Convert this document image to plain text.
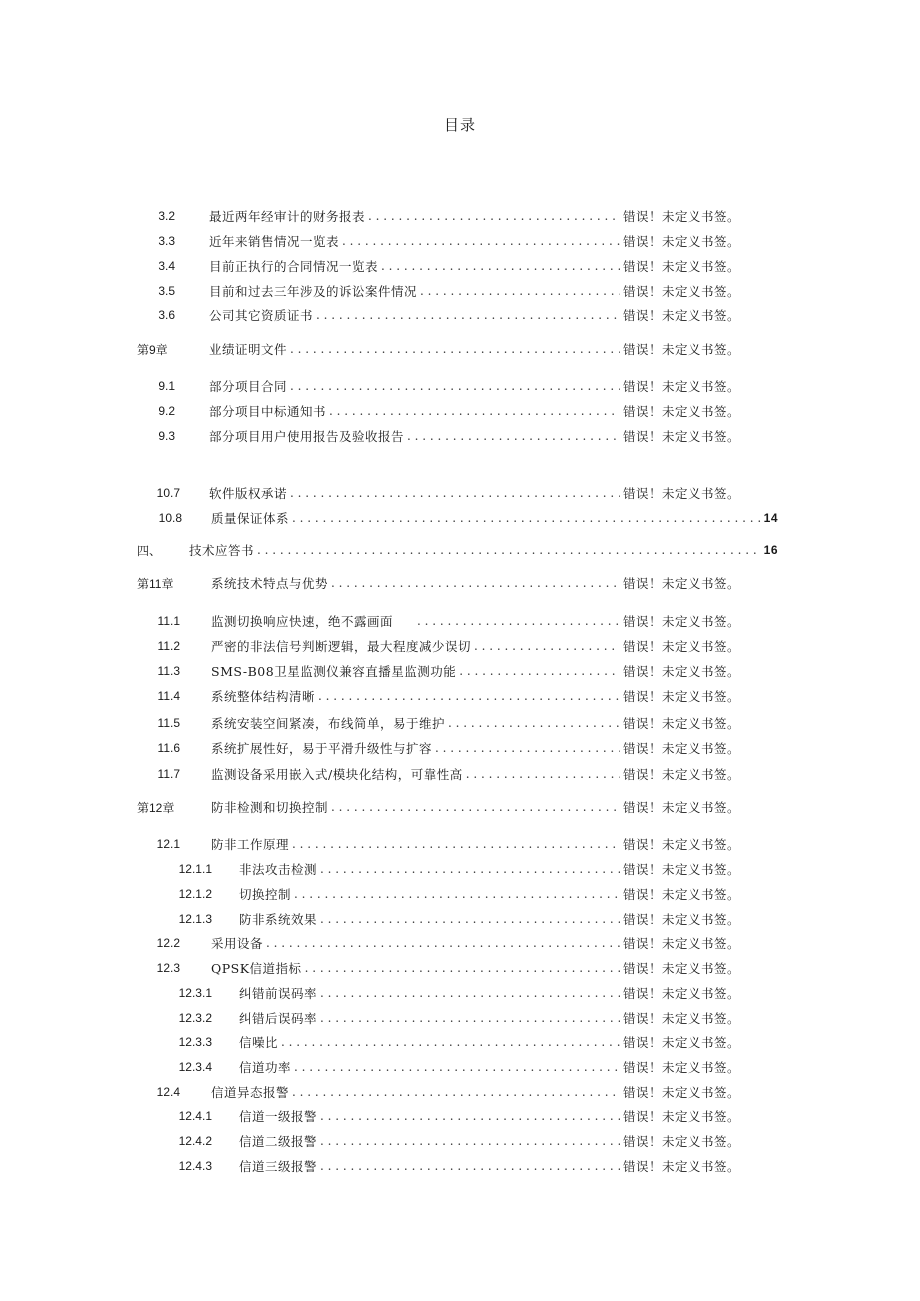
目录
3.2	最近两年经审计的财务报表 . . .	错误！未定义书签。
3.3	近年来销售情况一览表 . . .	错误！未定义书签。
3.4	目前正执行的合同情况一览表 . . .	错误！未定义书签。
3.5	目前和过去三年涉及的诉讼案件情况 . . .	错误！未定义书签。
3.6	公司其它资质证书 . . .	错误！未定义书签。
第9章	业绩证明文件 . . .	错误！未定义书签。
9.1	部分项目合同 . . .	错误！未定义书签。
9.2	部分项目中标通知书 . . .	错误！未定义书签。
9.3	部分项目用户使用报告及验收报告 . . .	错误！未定义书签。
10.7 软件版权承诺 . . .	错误！未定义书签。
10.8 质量保证体系 . . .	14
四、	技术应答书 . . .	16
第11章	系统技术特点与优势 . . .	错误！未定义书签。
11.1 监测切换响应快速，绝不露画面 . . .	错误！未定义书签。
11.2 严密的非法信号判断逻辑，最大程度减少误切 . . .	错误！未定义书签。
11.3 SMS-B08卫星监测仪兼容直播星监测功能 . . .	错误！未定义书签。
11.4 系统整体结构清晰 . . .	错误！未定义书签。
11.5 系统安装空间紧凑，布线简单，易于维护 . . .	错误！未定义书签。
11.6 系统扩展性好，易于平滑升级性与扩容 . . .	错误！未定义书签。
11.7 监测设备采用嵌入式/模块化结构，可靠性高 . . .	错误！未定义书签。
第12章	防非检测和切换控制 . . .	错误！未定义书签。
12.1 防非工作原理 . . .	错误！未定义书签。
12.1.1 非法攻击检测 . . .	错误！未定义书签。
12.1.2 切换控制 . . .	错误！未定义书签。
12.1.3 防非系统效果 . . .	错误！未定义书签。
12.2 采用设备 . . .	错误！未定义书签。
12.3 QPSK信道指标 . . .	错误！未定义书签。
12.3.1 纠错前误码率 . . .	错误！未定义书签。
12.3.2 纠错后误码率 . . .	错误！未定义书签。
12.3.3 信噪比 . . .	错误！未定义书签。
12.3.4 信道功率 . . .	错误！未定义书签。
12.4 信道异态报警 . . .	错误！未定义书签。
12.4.1 信道一级报警 . . .	错误！未定义书签。
12.4.2 信道二级报警 . . .	错误！未定义书签。
12.4.3 信道三级报警 . . .	错误！未定义书签。
